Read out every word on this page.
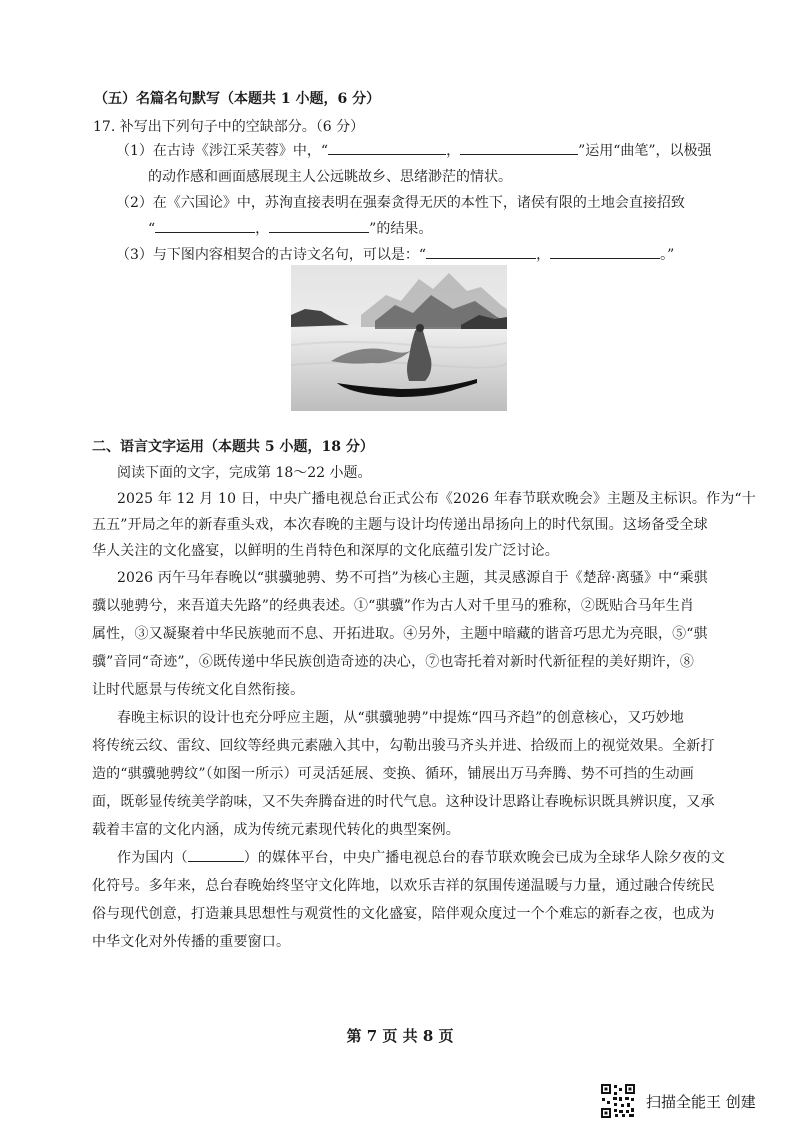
（五）名篇名句默写（本题共 1 小题，6 分）
17. 补写出下列句子中的空缺部分。（6 分）
（1）在古诗《涉江采芙蓉》中，“	，	”运用“曲笔”，以极强
的动作感和画面感展现主人公远眺故乡、思绪渺茫的情状。
（2）在《六国论》中，苏洵直接表明在强秦贪得无厌的本性下，诸侯有限的土地会直接招致
“	，	”的结果。
（3）与下图内容相契合的古诗文名句，可以是：“	，	。”
二、语言文字运用（本题共 5 小题，18 分）
阅读下面的文字，完成第 18～22 小题。
2025 年 12 月 10 日，中央广播电视总台正式公布《2026 年春节联欢晚会》主题及主标识。作为“十
五五”开局之年的新春重头戏，本次春晚的主题与设计均传递出昂扬向上的时代氛围。这场备受全球
华人关注的文化盛宴，以鲜明的生肖特色和深厚的文化底蕴引发广泛讨论。
2026 丙午马年春晚以“骐骥驰骋、势不可挡”为核心主题，其灵感源自于《楚辞·离骚》中“乘骐
骥以驰骋兮，来吾道夫先路”的经典表述。①“骐骥”作为古人对千里马的雅称，②既贴合马年生肖
属性，③又凝聚着中华民族驰而不息、开拓进取。④另外，主题中暗藏的谐音巧思尤为亮眼，⑤“骐
骥”音同“奇迹”，⑥既传递中华民族创造奇迹的决心，⑦也寄托着对新时代新征程的美好期许，⑧
让时代愿景与传统文化自然衔接。
春晚主标识的设计也充分呼应主题，从“骐骥驰骋”中提炼“四马齐趋”的创意核心，又巧妙地
将传统云纹、雷纹、回纹等经典元素融入其中，勾勒出骏马齐头并进、拾级而上的视觉效果。全新打
造的“骐骥驰骋纹”（如图一所示）可灵活延展、变换、循环，铺展出万马奔腾、势不可挡的生动画
面，既彰显传统美学韵味，又不失奔腾奋进的时代气息。这种设计思路让春晚标识既具辨识度，又承
载着丰富的文化内涵，成为传统元素现代转化的典型案例。
作为国内（	）的媒体平台，中央广播电视总台的春节联欢晚会已成为全球华人除夕夜的文
化符号。多年来，总台春晚始终坚守文化阵地，以欢乐吉祥的氛围传递温暖与力量，通过融合传统民
俗与现代创意，打造兼具思想性与观赏性的文化盛宴，陪伴观众度过一个个难忘的新春之夜，也成为
中华文化对外传播的重要窗口。
第 7 页 共 8 页
扫描全能王 创建
